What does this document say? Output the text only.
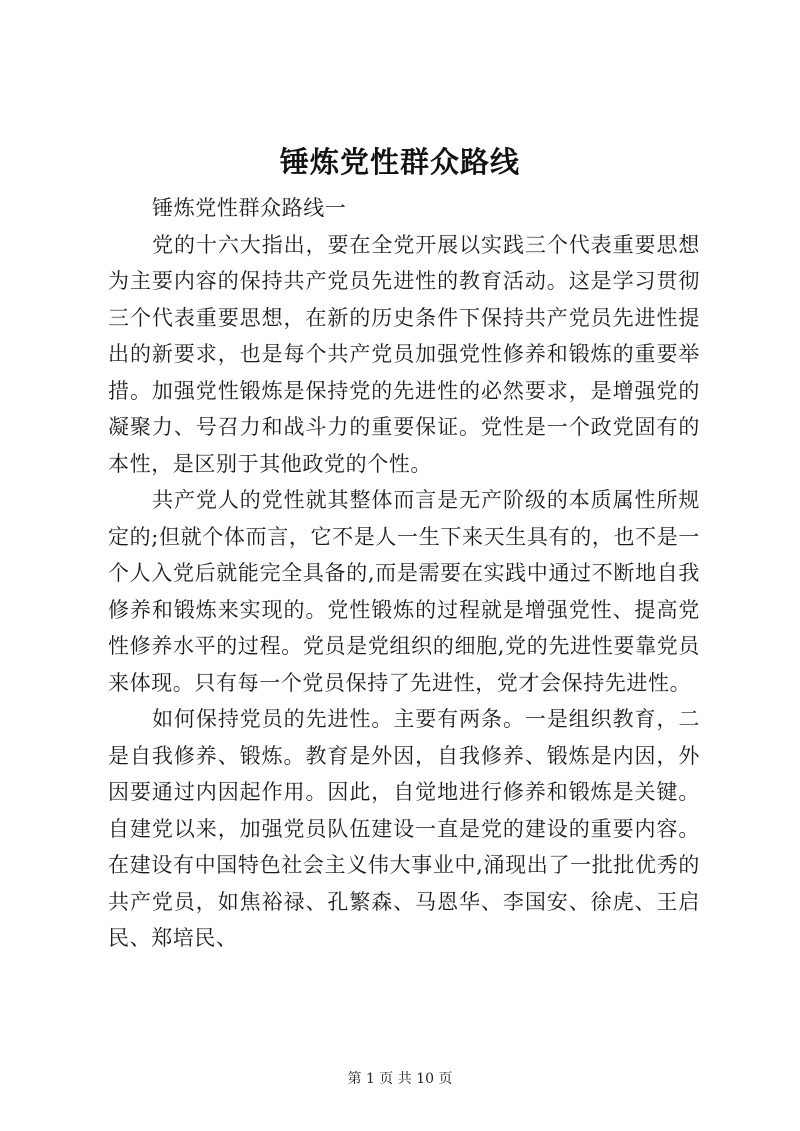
锤炼党性群众路线

锤炼党性群众路线一

党的十六大指出，要在全党开展以实践三个代表重要思想为主要内容的保持共产党员先进性的教育活动。这是学习贯彻三个代表重要思想，在新的历史条件下保持共产党员先进性提出的新要求，也是每个共产党员加强党性修养和锻炼的重要举措。加强党性锻炼是保持党的先进性的必然要求，是增强党的凝聚力、号召力和战斗力的重要保证。党性是一个政党固有的本性，是区别于其他政党的个性。

共产党人的党性就其整体而言是无产阶级的本质属性所规定的;但就个体而言，它不是人一生下来天生具有的，也不是一个人入党后就能完全具备的,而是需要在实践中通过不断地自我修养和锻炼来实现的。党性锻炼的过程就是增强党性、提高党性修养水平的过程。党员是党组织的细胞,党的先进性要靠党员来体现。只有每一个党员保持了先进性，党才会保持先进性。

如何保持党员的先进性。主要有两条。一是组织教育，二是自我修养、锻炼。教育是外因，自我修养、锻炼是内因，外因要通过内因起作用。因此，自觉地进行修养和锻炼是关键。自建党以来，加强党员队伍建设一直是党的建设的重要内容。在建设有中国特色社会主义伟大事业中,涌现出了一批批优秀的共产党员，如焦裕禄、孔繁森、马恩华、李国安、徐虎、王启民、郑培民、

第 1 页 共 10 页
